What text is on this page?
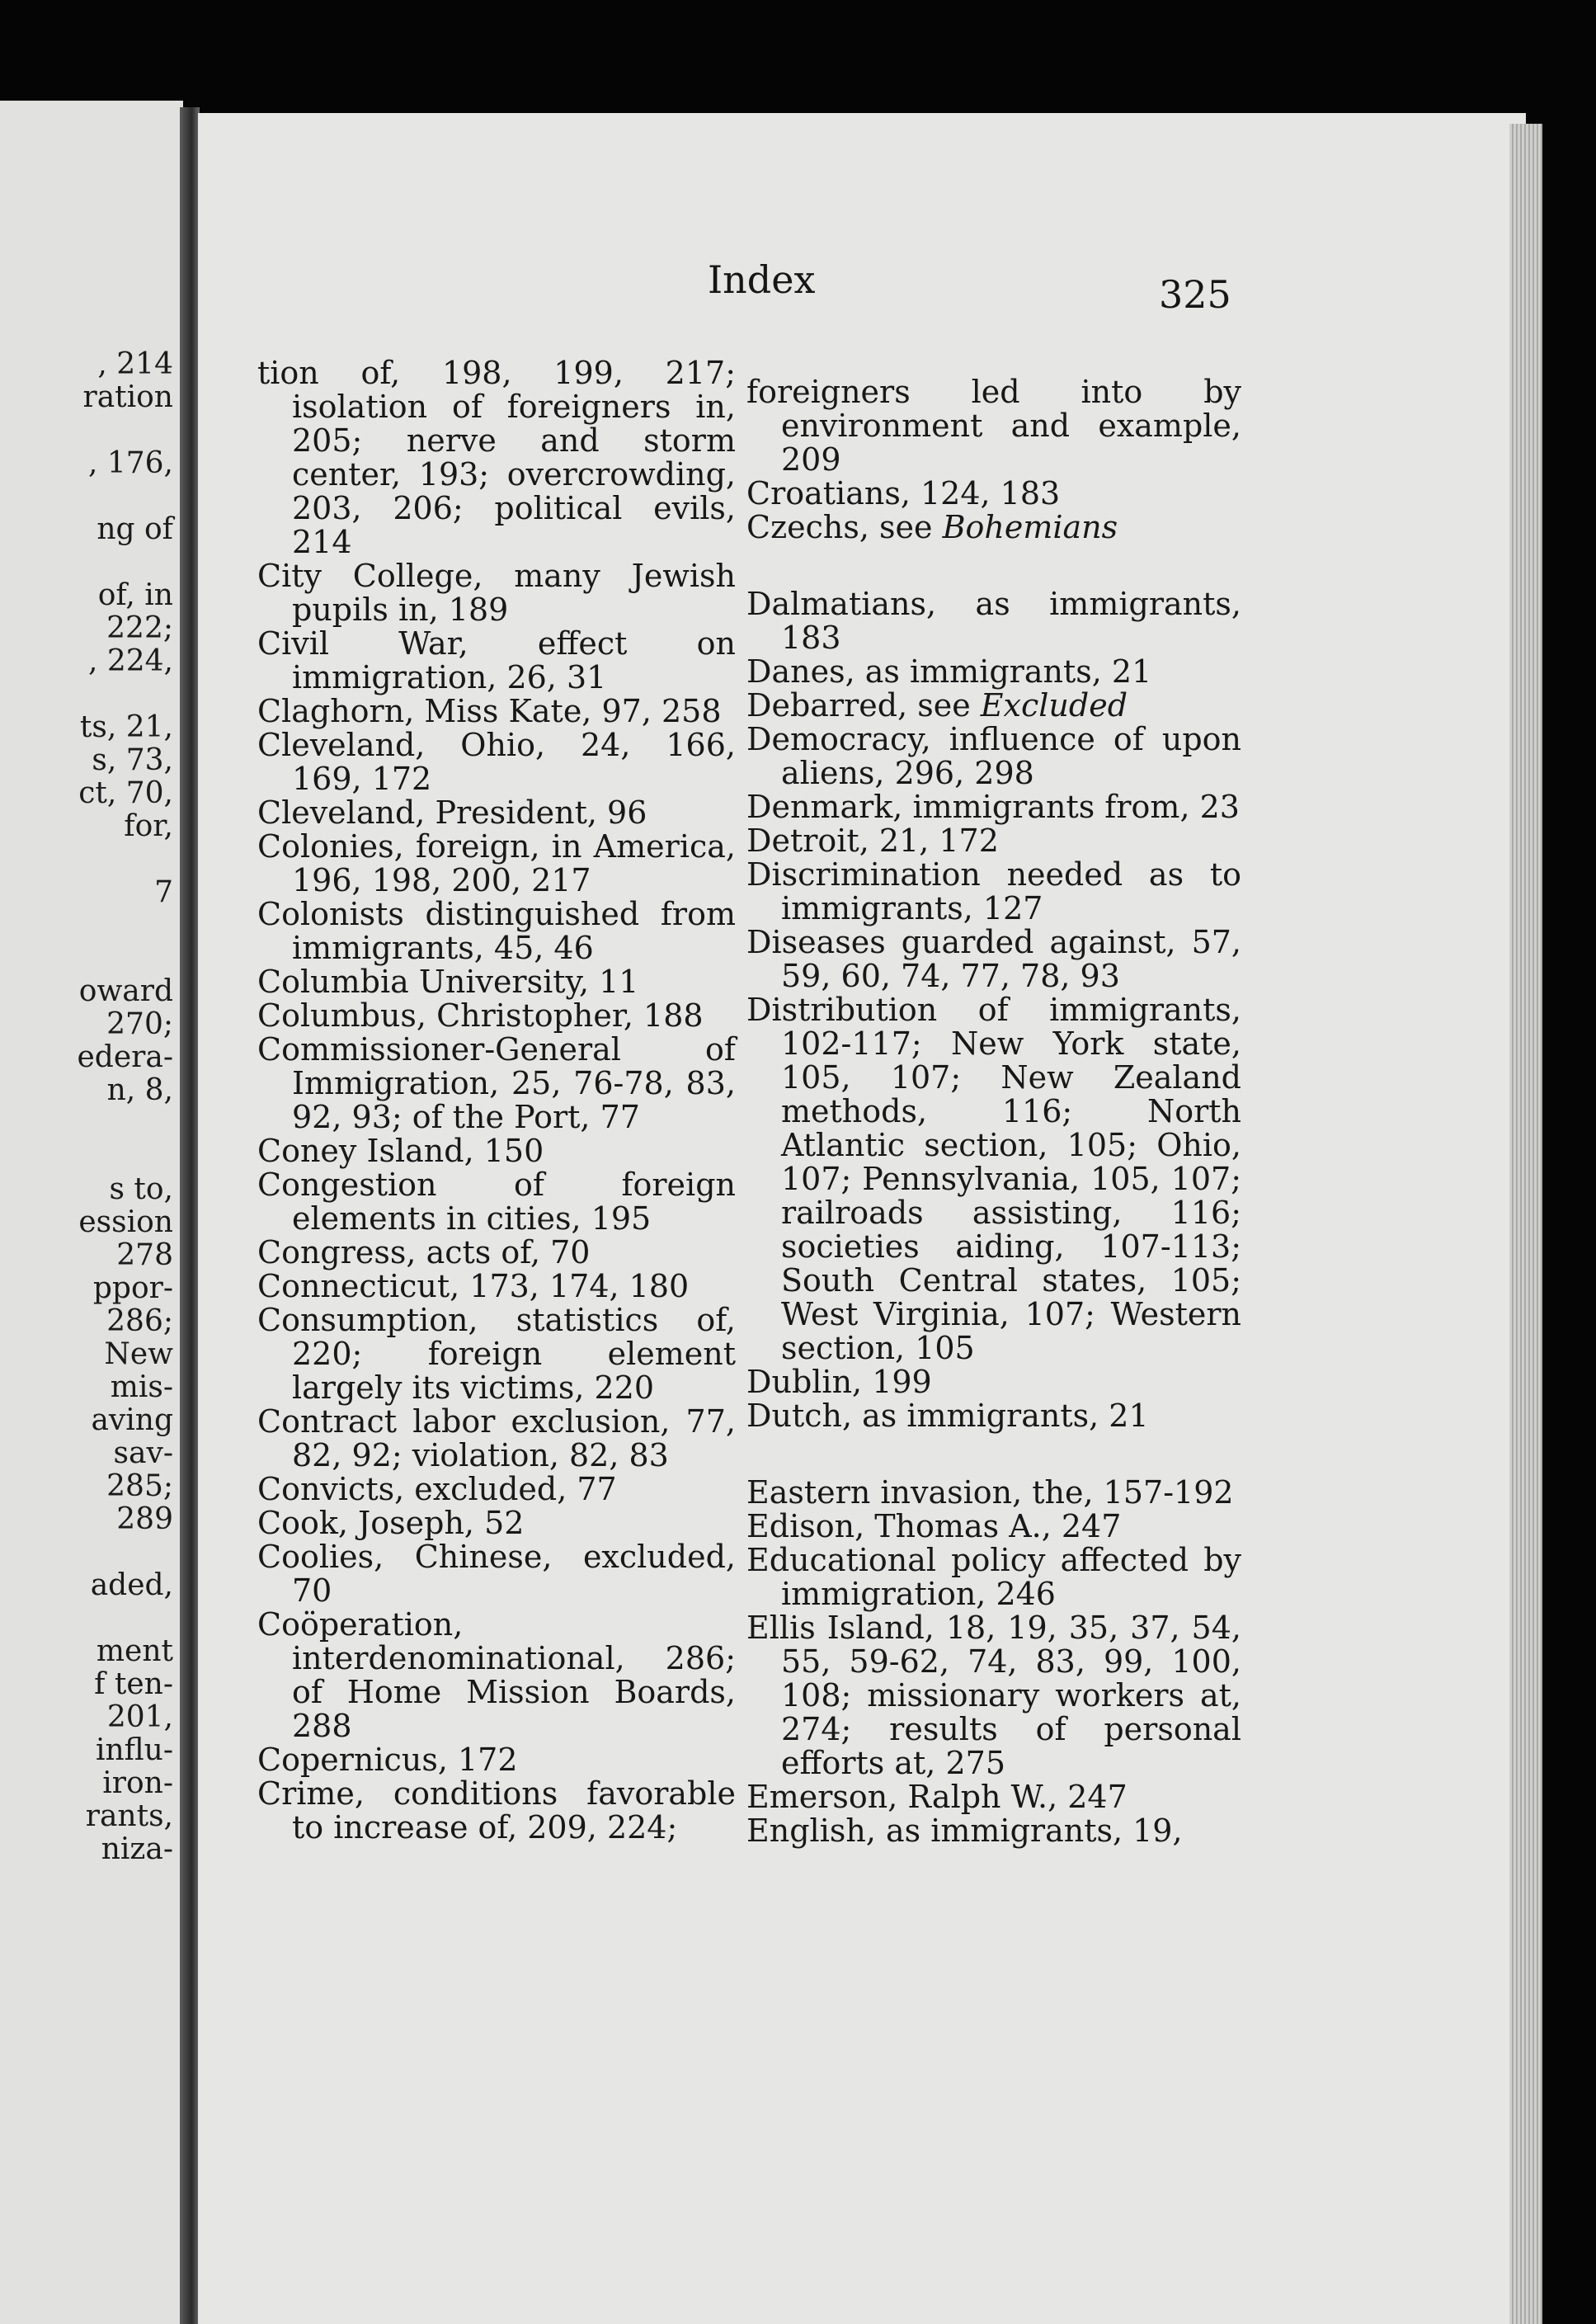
, 214
ration

, 176,

ng of

of, in
222;
, 224,

ts, 21,
s, 73,
ct, 70,
for,

7

oward
270;
edera-
n, 8,

s to,
ession
278
ppor-
286;
New
mis-
aving
sav-
285;
289

aded,

ment
f ten-
201,
influ-
iron-
rants,
niza-
Index	325

tion of, 198, 199, 217; isolation of foreigners in, 205; nerve and storm center, 193; overcrowding, 203, 206; political evils, 214

City College, many Jewish pupils in, 189

Civil War, effect on immigration, 26, 31

Claghorn, Miss Kate, 97, 258

Cleveland, Ohio, 24, 166, 169, 172

Cleveland, President, 96

Colonies, foreign, in America, 196, 198, 200, 217

Colonists distinguished from immigrants, 45, 46

Columbia University, 11

Columbus, Christopher, 188

Commissioner-General of Immigration, 25, 76-78, 83, 92, 93; of the Port, 77

Coney Island, 150

Congestion of foreign elements in cities, 195

Congress, acts of, 70

Connecticut, 173, 174, 180

Consumption, statistics of, 220; foreign element largely its victims, 220

Contract labor exclusion, 77, 82, 92; violation, 82, 83

Convicts, excluded, 77

Cook, Joseph, 52

Coolies, Chinese, excluded, 70

Coöperation, interdenominational, 286; of Home Mission Boards, 288

Copernicus, 172

Crime, conditions favorable to increase of, 209, 224;

foreigners led into by environment and example, 209

Croatians, 124, 183

Czechs, see Bohemians

Dalmatians, as immigrants, 183

Danes, as immigrants, 21

Debarred, see Excluded

Democracy, influence of upon aliens, 296, 298

Denmark, immigrants from, 23

Detroit, 21, 172

Discrimination needed as to immigrants, 127

Diseases guarded against, 57, 59, 60, 74, 77, 78, 93

Distribution of immigrants, 102-117; New York state, 105, 107; New Zealand methods, 116; North Atlantic section, 105; Ohio, 107; Pennsylvania, 105, 107; railroads assisting, 116; societies aiding, 107-113; South Central states, 105; West Virginia, 107; Western section, 105

Dublin, 199

Dutch, as immigrants, 21

Eastern invasion, the, 157-192

Edison, Thomas A., 247

Educational policy affected by immigration, 246

Ellis Island, 18, 19, 35, 37, 54, 55, 59-62, 74, 83, 99, 100, 108; missionary workers at, 274; results of personal efforts at, 275

Emerson, Ralph W., 247

English, as immigrants, 19,
